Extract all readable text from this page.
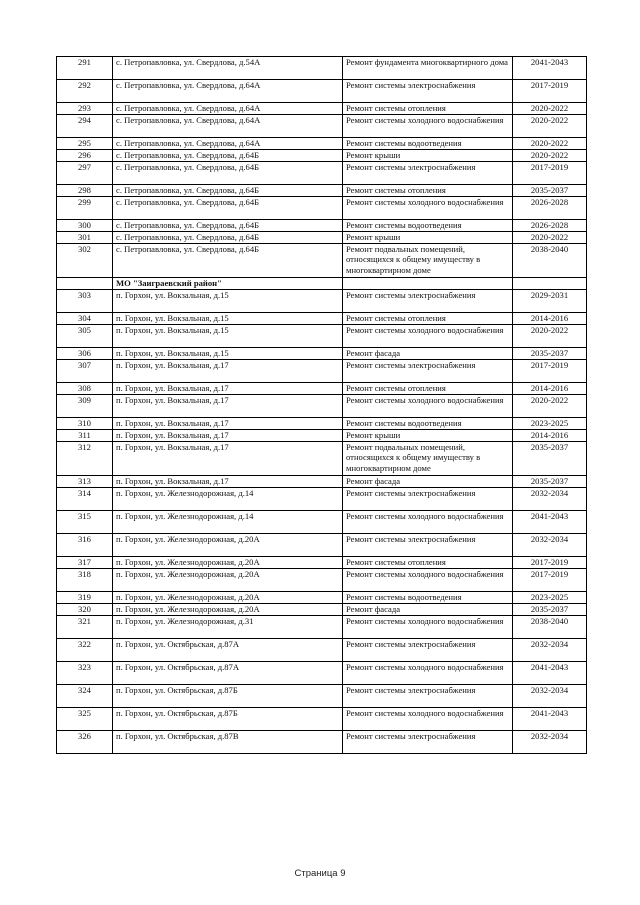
291	с. Петропавловка, ул. Свердлова, д.54А	Ремонт фундамента многоквартирного дома	2041-2043
292	с. Петропавловка, ул. Свердлова, д.64А	Ремонт системы электроснабжения	2017-2019
293	с. Петропавловка, ул. Свердлова, д.64А	Ремонт системы отопления	2020-2022
294	с. Петропавловка, ул. Свердлова, д.64А	Ремонт системы холодного водоснабжения	2020-2022
295	с. Петропавловка, ул. Свердлова, д.64А	Ремонт системы водоотведения	2020-2022
296	с. Петропавловка, ул. Свердлова, д.64Б	Ремонт крыши	2020-2022
297	с. Петропавловка, ул. Свердлова, д.64Б	Ремонт системы электроснабжения	2017-2019
298	с. Петропавловка, ул. Свердлова, д.64Б	Ремонт системы отопления	2035-2037
299	с. Петропавловка, ул. Свердлова, д.64Б	Ремонт системы холодного водоснабжения	2026-2028
300	с. Петропавловка, ул. Свердлова, д.64Б	Ремонт системы водоотведения	2026-2028
301	с. Петропавловка, ул. Свердлова, д.64Б	Ремонт крыши	2020-2022
302	с. Петропавловка, ул. Свердлова, д.64Б	Ремонт подвальных помещений, относящихся к общему имуществу в многоквартирном доме	2038-2040
	МО "Заиграевский район"		
303	п. Горхон, ул. Вокзальная, д.15	Ремонт системы электроснабжения	2029-2031
304	п. Горхон, ул. Вокзальная, д.15	Ремонт системы отопления	2014-2016
305	п. Горхон, ул. Вокзальная, д.15	Ремонт системы холодного водоснабжения	2020-2022
306	п. Горхон, ул. Вокзальная, д.15	Ремонт фасада	2035-2037
307	п. Горхон, ул. Вокзальная, д.17	Ремонт системы электроснабжения	2017-2019
308	п. Горхон, ул. Вокзальная, д.17	Ремонт системы отопления	2014-2016
309	п. Горхон, ул. Вокзальная, д.17	Ремонт системы холодного водоснабжения	2020-2022
310	п. Горхон, ул. Вокзальная, д.17	Ремонт системы водоотведения	2023-2025
311	п. Горхон, ул. Вокзальная, д.17	Ремонт крыши	2014-2016
312	п. Горхон, ул. Вокзальная, д.17	Ремонт подвальных помещений, относящихся к общему имуществу в многоквартирном доме	2035-2037
313	п. Горхон, ул. Вокзальная, д.17	Ремонт фасада	2035-2037
314	п. Горхон, ул. Железнодорожная, д.14	Ремонт системы электроснабжения	2032-2034
315	п. Горхон, ул. Железнодорожная, д.14	Ремонт системы холодного водоснабжения	2041-2043
316	п. Горхон, ул. Железнодорожная, д.20А	Ремонт системы электроснабжения	2032-2034
317	п. Горхон, ул. Железнодорожная, д.20А	Ремонт системы отопления	2017-2019
318	п. Горхон, ул. Железнодорожная, д.20А	Ремонт системы холодного водоснабжения	2017-2019
319	п. Горхон, ул. Железнодорожная, д.20А	Ремонт системы водоотведения	2023-2025
320	п. Горхон, ул. Железнодорожная, д.20А	Ремонт фасада	2035-2037
321	п. Горхон, ул. Железнодорожная, д.31	Ремонт системы холодного водоснабжения	2038-2040
322	п. Горхон, ул. Октябрьская, д.87А	Ремонт системы электроснабжения	2032-2034
323	п. Горхон, ул. Октябрьская, д.87А	Ремонт системы холодного водоснабжения	2041-2043
324	п. Горхон, ул. Октябрьская, д.87Б	Ремонт системы электроснабжения	2032-2034
325	п. Горхон, ул. Октябрьская, д.87Б	Ремонт системы холодного водоснабжения	2041-2043
326	п. Горхон, ул. Октябрьская, д.87В	Ремонт системы электроснабжения	2032-2034
Страница 9
